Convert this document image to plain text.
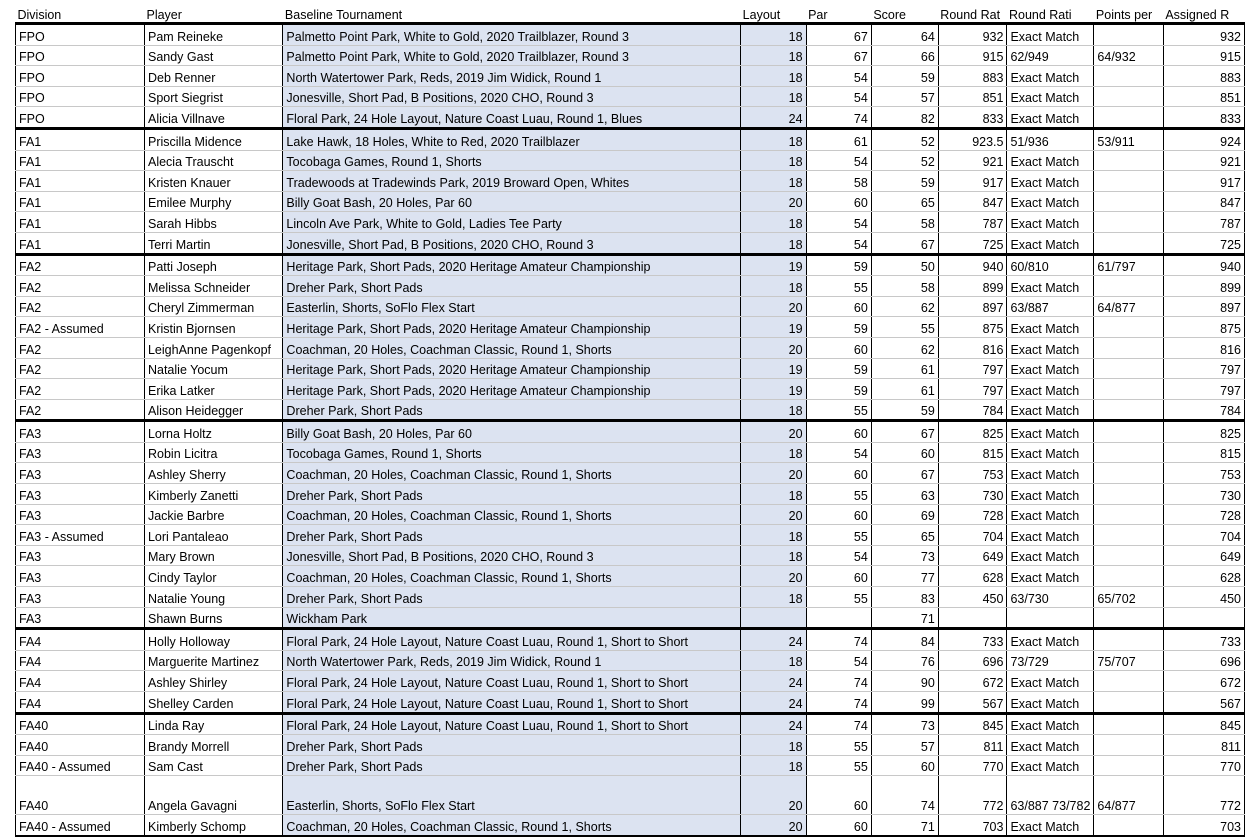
Division	Player	Baseline Tournament	Layout	Par	Score	Round Rat	Round Rati	Points per	Assigned R
FPO	Pam Reineke	Palmetto Point Park, White to Gold, 2020 Trailblazer, Round 3	18	67	64	932	Exact Match		932
FPO	Sandy Gast	Palmetto Point Park, White to Gold, 2020 Trailblazer, Round 3	18	67	66	915	62/949	64/932	915
FPO	Deb Renner	North Watertower Park, Reds, 2019 Jim Widick, Round 1	18	54	59	883	Exact Match		883
FPO	Sport Siegrist	Jonesville, Short Pad, B Positions, 2020 CHO, Round 3	18	54	57	851	Exact Match		851
FPO	Alicia Villnave	Floral Park, 24 Hole Layout, Nature Coast Luau, Round 1, Blues	24	74	82	833	Exact Match		833
FA1	Priscilla Midence	Lake Hawk, 18 Holes, White to Red, 2020 Trailblazer	18	61	52	923.5	51/936	53/911	924
FA1	Alecia Trauscht	Tocobaga Games, Round 1, Shorts	18	54	52	921	Exact Match		921
FA1	Kristen Knauer	Tradewoods at Tradewinds Park, 2019 Broward Open, Whites	18	58	59	917	Exact Match		917
FA1	Emilee Murphy	Billy Goat Bash, 20 Holes, Par 60	20	60	65	847	Exact Match		847
FA1	Sarah Hibbs	Lincoln Ave Park, White to Gold, Ladies Tee Party	18	54	58	787	Exact Match		787
FA1	Terri Martin	Jonesville, Short Pad, B Positions, 2020 CHO, Round 3	18	54	67	725	Exact Match		725
FA2	Patti Joseph	Heritage Park, Short Pads, 2020 Heritage Amateur Championship	19	59	50	940	60/810	61/797	940
FA2	Melissa Schneider	Dreher Park, Short Pads	18	55	58	899	Exact Match		899
FA2	Cheryl Zimmerman	Easterlin, Shorts, SoFlo Flex Start	20	60	62	897	63/887	64/877	897
FA2 - Assumed	Kristin Bjornsen	Heritage Park, Short Pads, 2020 Heritage Amateur Championship	19	59	55	875	Exact Match		875
FA2	LeighAnne Pagenkopf	Coachman, 20 Holes, Coachman Classic, Round 1, Shorts	20	60	62	816	Exact Match		816
FA2	Natalie Yocum	Heritage Park, Short Pads, 2020 Heritage Amateur Championship	19	59	61	797	Exact Match		797
FA2	Erika Latker	Heritage Park, Short Pads, 2020 Heritage Amateur Championship	19	59	61	797	Exact Match		797
FA2	Alison Heidegger	Dreher Park, Short Pads	18	55	59	784	Exact Match		784
FA3	Lorna Holtz	Billy Goat Bash, 20 Holes, Par 60	20	60	67	825	Exact Match		825
FA3	Robin Licitra	Tocobaga Games, Round 1, Shorts	18	54	60	815	Exact Match		815
FA3	Ashley Sherry	Coachman, 20 Holes, Coachman Classic, Round 1, Shorts	20	60	67	753	Exact Match		753
FA3	Kimberly Zanetti	Dreher Park, Short Pads	18	55	63	730	Exact Match		730
FA3	Jackie Barbre	Coachman, 20 Holes, Coachman Classic, Round 1, Shorts	20	60	69	728	Exact Match		728
FA3 - Assumed	Lori Pantaleao	Dreher Park, Short Pads	18	55	65	704	Exact Match		704
FA3	Mary Brown	Jonesville, Short Pad, B Positions, 2020 CHO, Round 3	18	54	73	649	Exact Match		649
FA3	Cindy Taylor	Coachman, 20 Holes, Coachman Classic, Round 1, Shorts	20	60	77	628	Exact Match		628
FA3	Natalie Young	Dreher Park, Short Pads	18	55	83	450	63/730	65/702	450
FA3	Shawn Burns	Wickham Park			71				
FA4	Holly Holloway	Floral Park, 24 Hole Layout, Nature Coast Luau, Round 1, Short to Short	24	74	84	733	Exact Match		733
FA4	Marguerite Martinez	North Watertower Park, Reds, 2019 Jim Widick, Round 1	18	54	76	696	73/729	75/707	696
FA4	Ashley Shirley	Floral Park, 24 Hole Layout, Nature Coast Luau, Round 1, Short to Short	24	74	90	672	Exact Match		672
FA4	Shelley Carden	Floral Park, 24 Hole Layout, Nature Coast Luau, Round 1, Short to Short	24	74	99	567	Exact Match		567
FA40	Linda Ray	Floral Park, 24 Hole Layout, Nature Coast Luau, Round 1, Short to Short	24	74	73	845	Exact Match		845
FA40	Brandy Morrell	Dreher Park, Short Pads	18	55	57	811	Exact Match		811
FA40 - Assumed	Sam Cast	Dreher Park, Short Pads	18	55	60	770	Exact Match		770
FA40	Angela Gavagni	Easterlin, Shorts, SoFlo Flex Start	20	60	74	772	63/887 73/782	64/877	772
FA40 - Assumed	Kimberly Schomp	Coachman, 20 Holes, Coachman Classic, Round 1, Shorts	20	60	71	703	Exact Match		703
